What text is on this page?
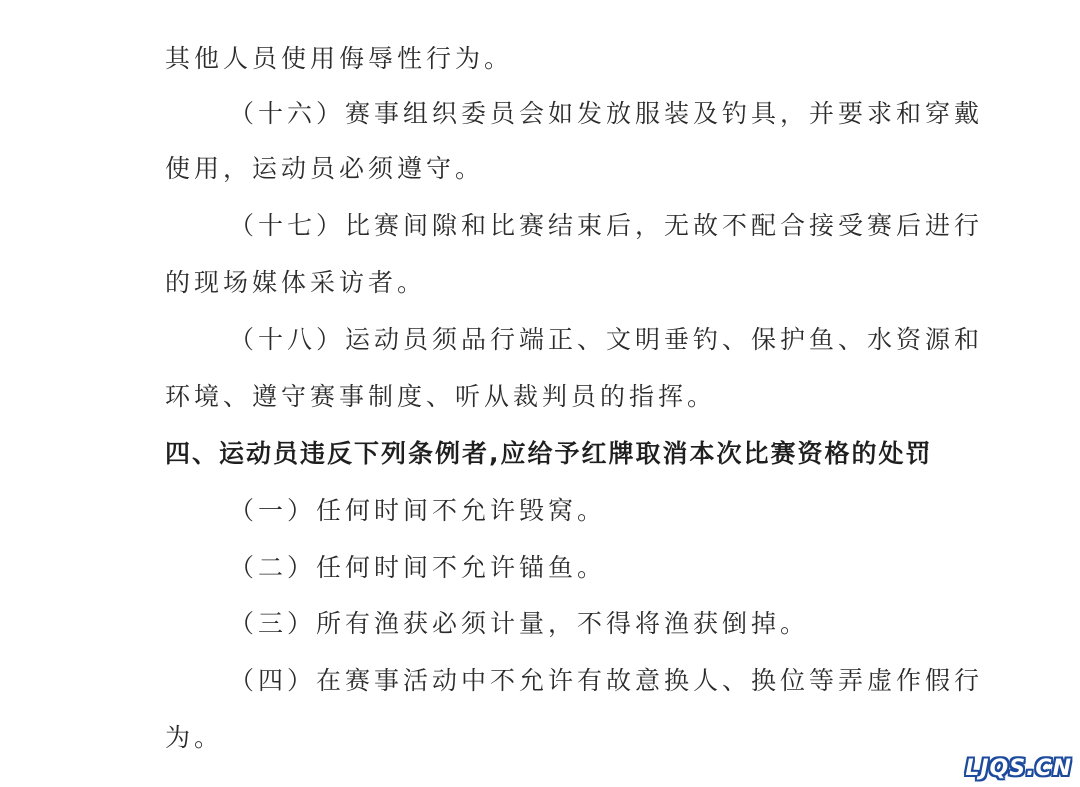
其他人员使用侮辱性行为。
（十六）赛事组织委员会如发放服装及钓具，并要求和穿戴
使用，运动员必须遵守。
（十七）比赛间隙和比赛结束后，无故不配合接受赛后进行
的现场媒体采访者。
（十八）运动员须品行端正、文明垂钓、保护鱼、水资源和
环境、遵守赛事制度、听从裁判员的指挥。
四、运动员违反下列条例者,应给予红牌取消本次比赛资格的处罚
（一）任何时间不允许毁窝。
（二）任何时间不允许锚鱼。
（三）所有渔获必须计量，不得将渔获倒掉。
（四）在赛事活动中不允许有故意换人、换位等弄虚作假行
为。
LJQS.CN
